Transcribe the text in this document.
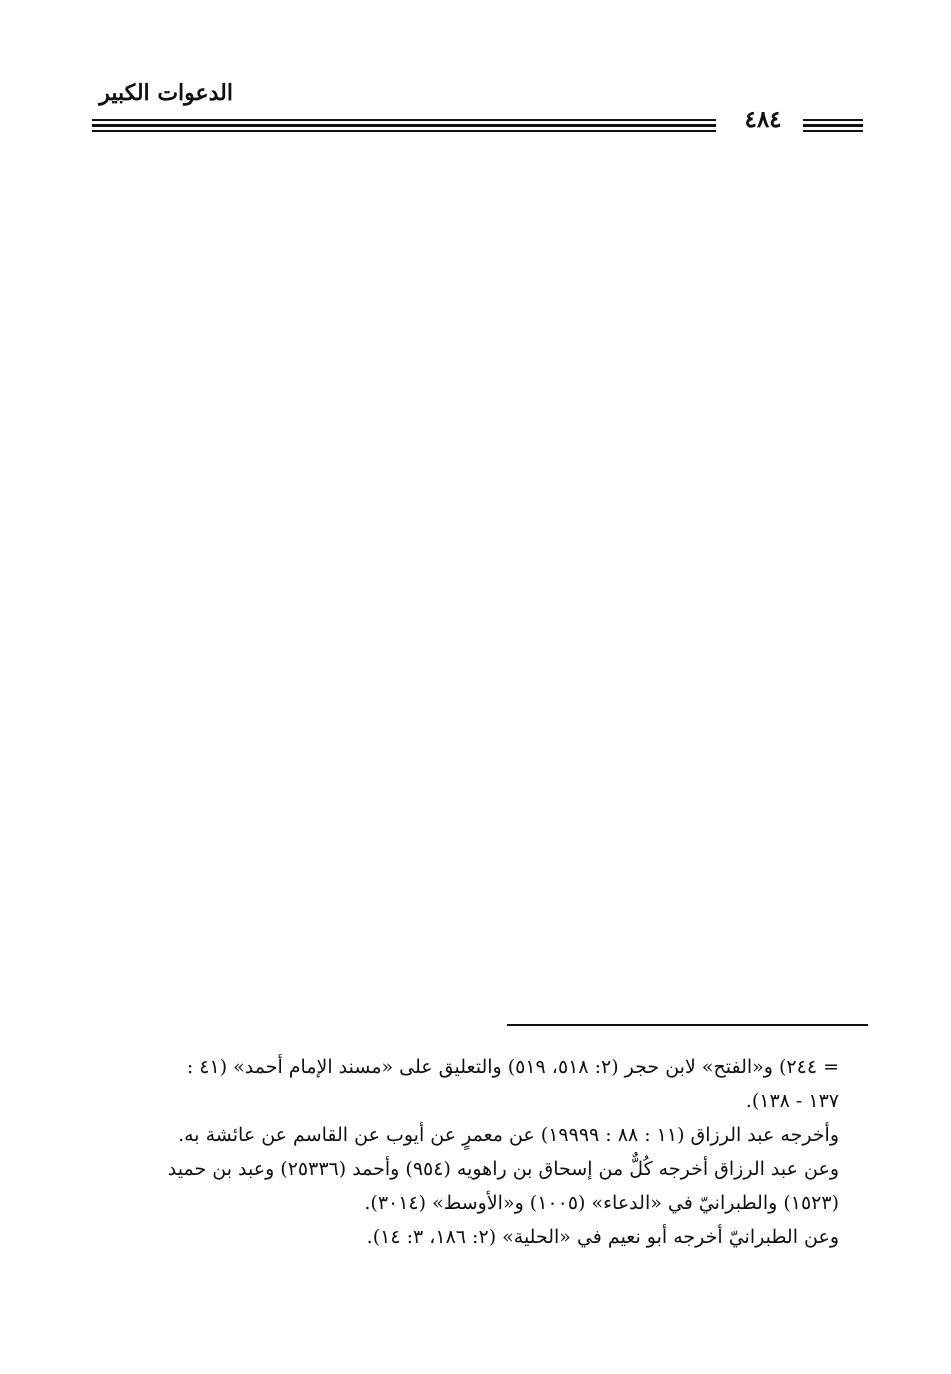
الدعوات الكبير
٤٨٤
= ٢٤٤) و«الفتح» لابن حجر (٢: ٥١٨، ٥١٩) والتعليق على «مسند الإمام أحمد» (٤١ :
١٣٧ - ١٣٨).
وأخرجه عبد الرزاق (١١ : ٨٨ : ١٩٩٩٩) عن معمرٍ عن أيوب عن القاسم عن عائشة به.
وعن عبد الرزاق أخرجه كُلٌّ من إسحاق بن راهويه (٩٥٤) وأحمد (٢٥٣٣٦) وعبد بن حميد
(١٥٢٣) والطبرانيّ في «الدعاء» (١٠٠٥) و«الأوسط» (٣٠١٤).
وعن الطبرانيّ أخرجه أبو نعيم في «الحلية» (٢: ١٨٦، ٣: ١٤).
